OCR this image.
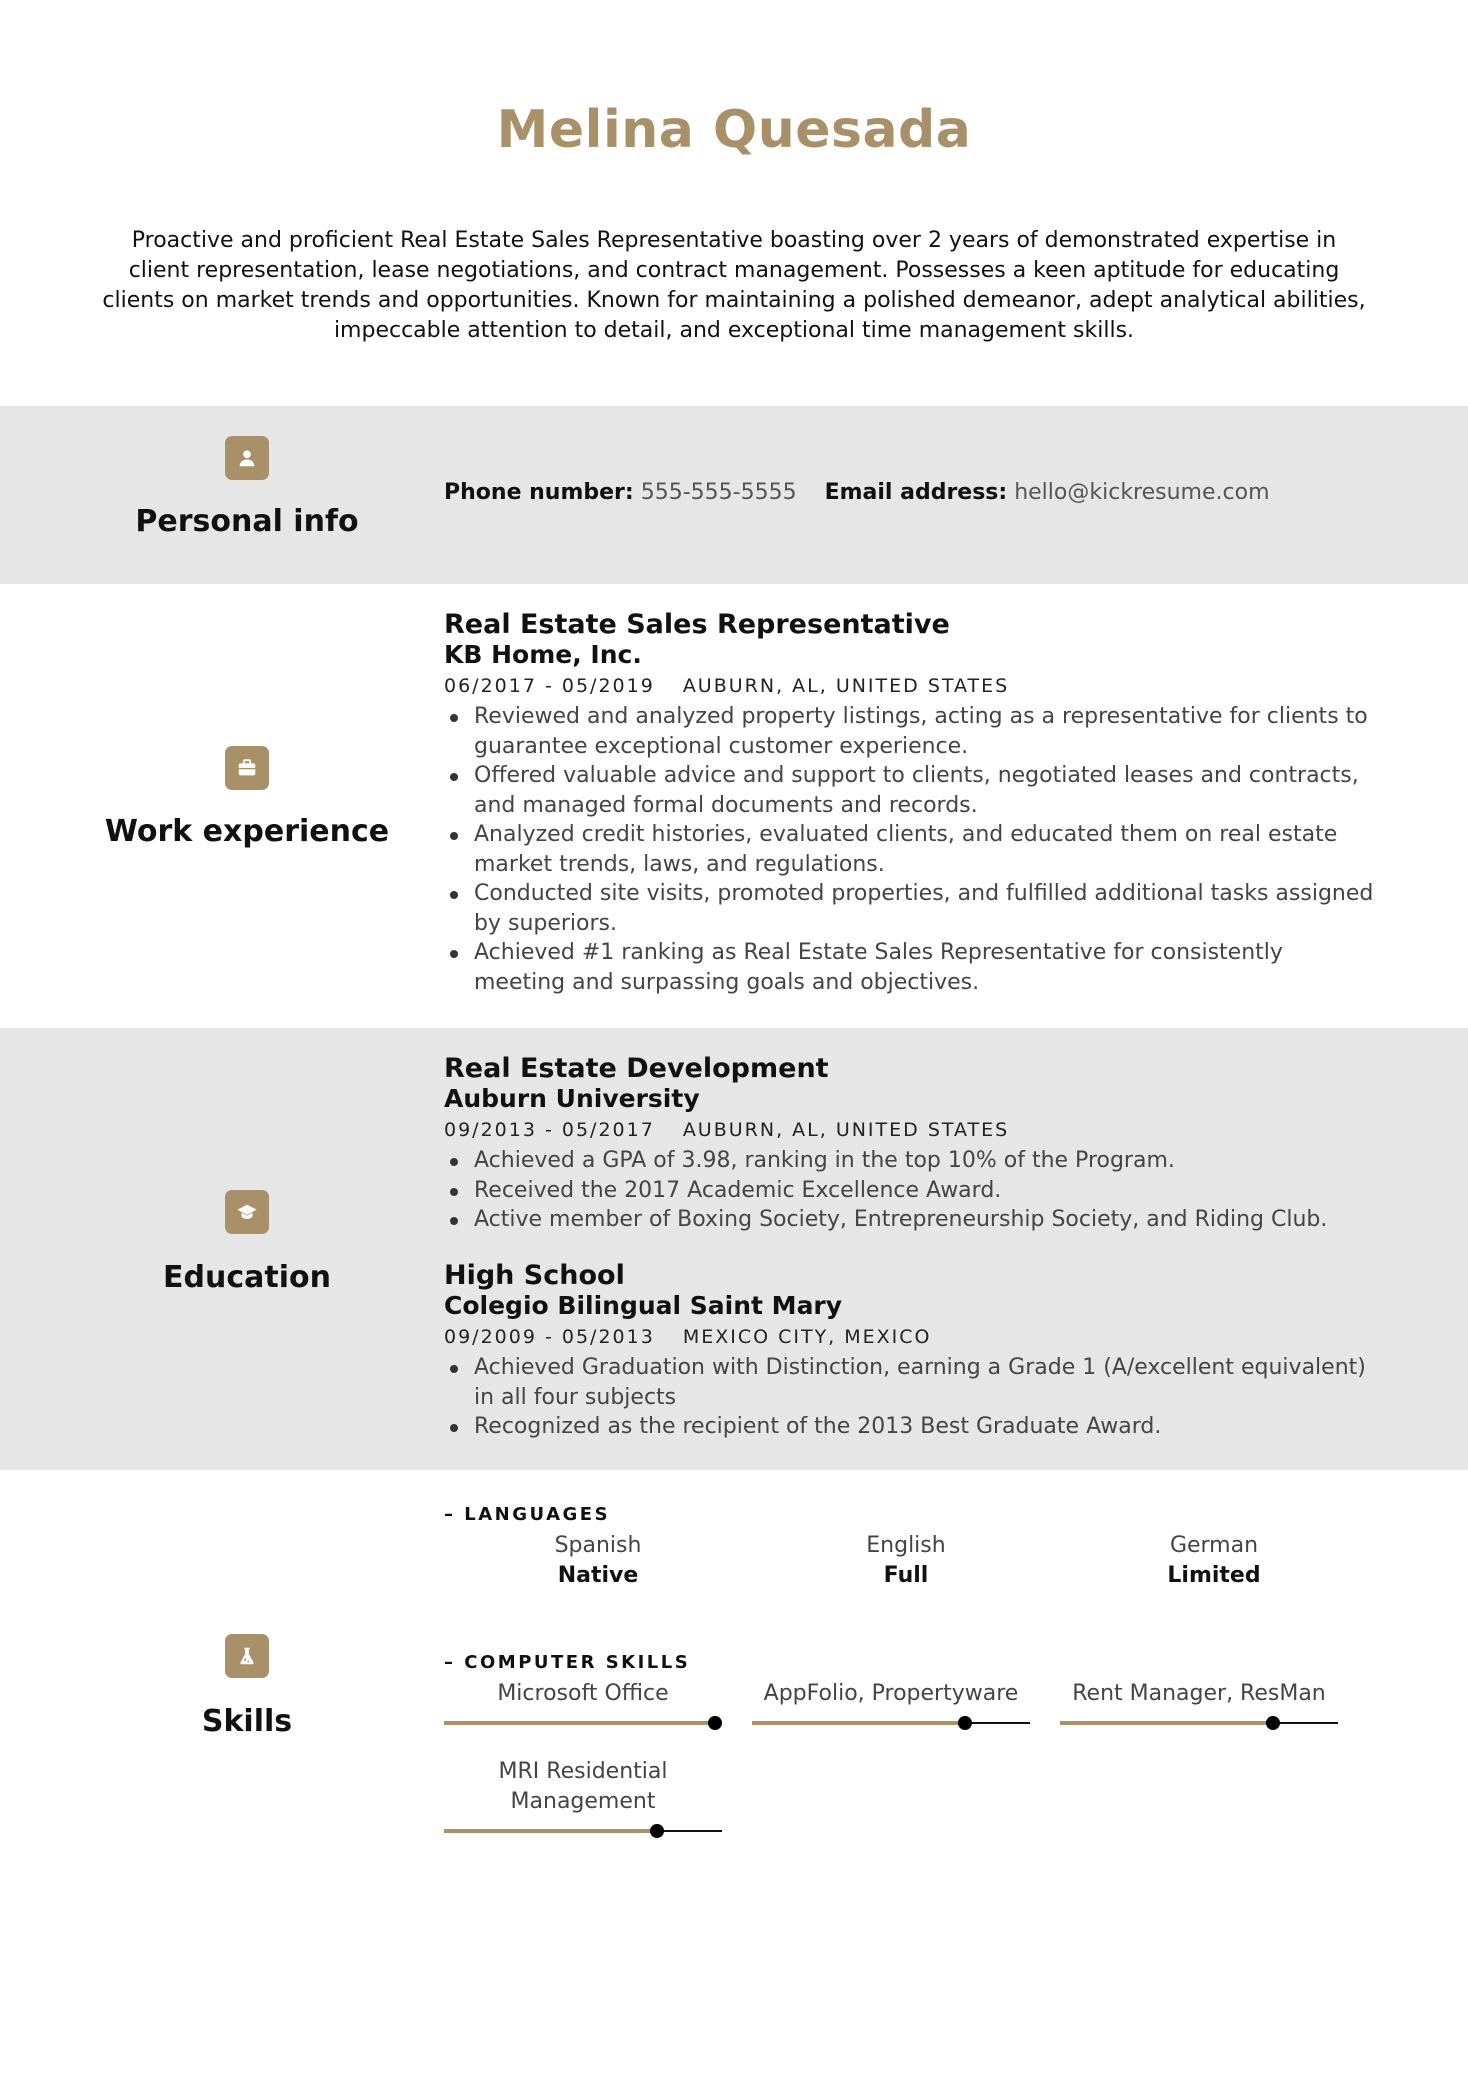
Melina Quesada
Proactive and proficient Real Estate Sales Representative boasting over 2 years of demonstrated expertise in client representation, lease negotiations, and contract management. Possesses a keen aptitude for educating clients on market trends and opportunities. Known for maintaining a polished demeanor, adept analytical abilities, impeccable attention to detail, and exceptional time management skills.
Personal info
Phone number: 555-555-5555 Email address: hello@kickresume.com
Work experience
Real Estate Sales Representative
KB Home, Inc.
06/2017 - 05/2019 AUBURN, AL, UNITED STATES
Reviewed and analyzed property listings, acting as a representative for clients to guarantee exceptional customer experience.
Offered valuable advice and support to clients, negotiated leases and contracts, and managed formal documents and records.
Analyzed credit histories, evaluated clients, and educated them on real estate market trends, laws, and regulations.
Conducted site visits, promoted properties, and fulfilled additional tasks assigned by superiors.
Achieved #1 ranking as Real Estate Sales Representative for consistently meeting and surpassing goals and objectives.
Education
Real Estate Development
Auburn University
09/2013 - 05/2017 AUBURN, AL, UNITED STATES
Achieved a GPA of 3.98, ranking in the top 10% of the Program.
Received the 2017 Academic Excellence Award.
Active member of Boxing Society, Entrepreneurship Society, and Riding Club.
High School
Colegio Bilingual Saint Mary
09/2009 - 05/2013 MEXICO CITY, MEXICO
Achieved Graduation with Distinction, earning a Grade 1 (A/excellent equivalent) in all four subjects
Recognized as the recipient of the 2013 Best Graduate Award.
Skills
– LANGUAGES
Spanish
Native
English
Full
German
Limited
– COMPUTER SKILLS
Microsoft Office	AppFolio, Propertyware	Rent Manager, ResMan
MRI Residential Management
